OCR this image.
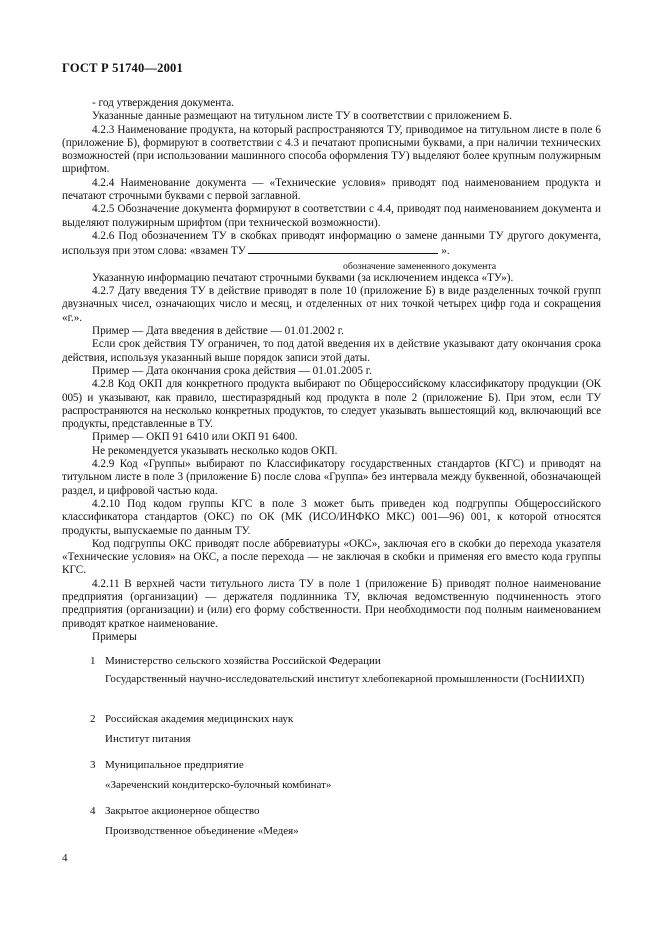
ГОСТ Р 51740—2001

- год утверждения документа.

Указанные данные размещают на титульном листе ТУ в соответствии с приложением Б.

4.2.3 Наименование продукта, на который распространяются ТУ, приводимое на титульном листе в поле 6 (приложение Б), формируют в соответствии с 4.3 и печатают прописными буквами, а при наличии технических возможностей (при использовании машинного способа оформления ТУ) выделяют более крупным полужирным шрифтом.

4.2.4 Наименование документа — «Технические условия» приводят под наименованием продукта и печатают строчными буквами с первой заглавной.

4.2.5 Обозначение документа формируют в соответствии с 4.4, приводят под наименованием документа и выделяют полужирным шрифтом (при технической возможности).

4.2.6 Под обозначением ТУ в скобках приводят информацию о замене данными ТУ другого документа, используя при этом слова: «взамен ТУ	».

обозначение замененного документа

Указанную информацию печатают строчными буквами (за исключением индекса «ТУ»).

4.2.7 Дату введения ТУ в действие приводят в поле 10 (приложение Б) в виде разделенных точкой групп двузначных чисел, означающих число и месяц, и отделенных от них точкой четырех цифр года и сокращения «г.».

Пример — Дата введения в действие — 01.01.2002 г.

Если срок действия ТУ ограничен, то под датой введения их в действие указывают дату окончания срока действия, используя указанный выше порядок записи этой даты.

Пример — Дата окончания срока действия — 01.01.2005 г.

4.2.8 Код ОКП для конкретного продукта выбирают по Общероссийскому классификатору продукции (ОК 005) и указывают, как правило, шестиразрядный код продукта в поле 2 (приложение Б). При этом, если ТУ распространяются на несколько конкретных продуктов, то следует указывать вышестоящий код, включающий все продукты, представленные в ТУ.

Пример — ОКП 91 6410 или ОКП 91 6400.

Не рекомендуется указывать несколько кодов ОКП.

4.2.9 Код «Группы» выбирают по Классификатору государственных стандартов (КГС) и приводят на титульном листе в поле 3 (приложение Б) после слова «Группа» без интервала между буквенной, обозначающей раздел, и цифровой частью кода.

4.2.10 Под кодом группы КГС в поле 3 может быть приведен код подгруппы Общероссийского классификатора стандартов (ОКС) по ОК (МК (ИСО/ИНФКО МКС) 001—96) 001, к которой относятся продукты, выпускаемые по данным ТУ.

Код подгруппы ОКС приводят после аббревиатуры «ОКС», заключая его в скобки до перехода указателя «Технические условия» на ОКС, а после перехода — не заключая в скобки и применяя его вместо кода группы КГС.

4.2.11 В верхней части титульного листа ТУ в поле 1 (приложение Б) приводят полное наименование предприятия (организации) — держателя подлинника ТУ, включая ведомственную подчиненность этого предприятия (организации) и (или) его форму собственности. При необходимости под полным наименованием приводят краткое наименование.

Примеры

1 Министерство сельского хозяйства Российской Федерации
Государственный научно-исследовательский институт хлебопекарной промышленности (ГосНИИХП)
2 Российская академия медицинских наук
Институт питания
3 Муниципальное предприятие
«Зареченский кондитерско-булочный комбинат»
4 Закрытое акционерное общество
Производственное объединение «Медея»
4
